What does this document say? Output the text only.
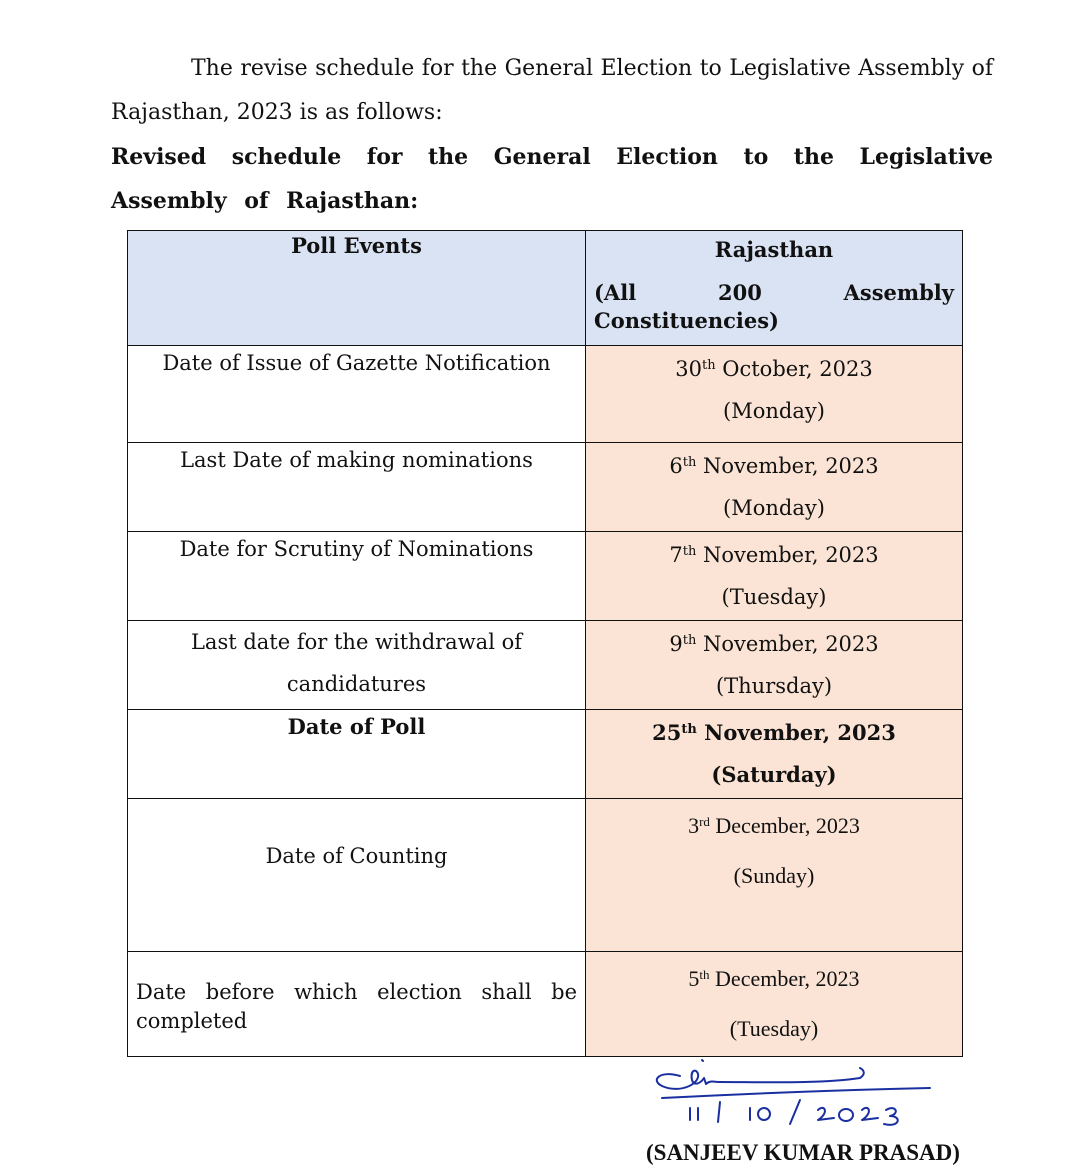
The revise schedule for the General Election to Legislative Assembly of Rajasthan, 2023 is as follows:
Revised schedule for the General Election to the Legislative Assembly of Rajasthan:
Poll Events	Rajasthan
(All 200 Assembly
Constituencies)

Date of Issue of Gazette Notification	30th October, 2023
(Monday)

Last Date of making nominations	6th November, 2023
(Monday)

Date for Scrutiny of Nominations	7th November, 2023
(Tuesday)

Last date for the withdrawal of candidatures	9th November, 2023
(Thursday)

Date of Poll	25th November, 2023
(Saturday)

Date of Counting	3rd December, 2023
(Sunday)

Date before which election shall be completed	5th December, 2023
(Tuesday)
(SANJEEV KUMAR PRASAD)
